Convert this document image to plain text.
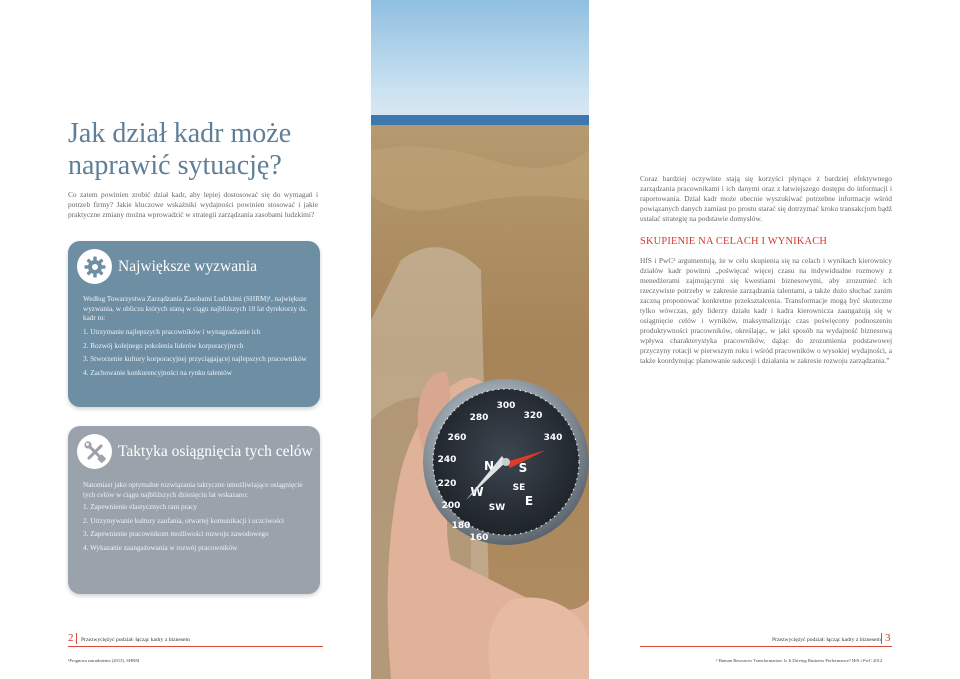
Jak dział kadr może
naprawić sytuację?

Co zatem powinien zrobić dział kadr, aby lepiej dostosować się do wymagań i potrzeb firmy? Jakie kluczowe wskaźniki wydajności powinien stosować i jakie praktyczne zmiany można wprowadzić w strategii zarządzania zasobami ludzkimi?

Największe wyzwania

Według Towarzystwa Zarządzania Zasobami Ludzkimi (SHRM)¹, największe wyzwania, w obliczu których staną w ciągu najbliższych 10 lat dyrektorzy ds. kadr to:

1. Utrzymanie najlepszych pracowników i wynagradzanie ich
2. Rozwój kolejnego pokolenia liderów korporacyjnych
3. Stworzenie kultury korporacyjnej przyciągającej najlepszych pracowników
4. Zachowanie konkurencyjności na rynku talentów
Taktyka osiągnięcia tych celów

Natomiast jako optymalne rozwiązania taktyczne umożliwiające osiągnięcie tych celów w ciągu najbliższych dziesięciu lat wskazano:

1. Zapewnienie elastycznych ram pracy
2. Utrzymywanie kultury zaufania, otwartej komunikacji i uczciwości
3. Zapewnienie pracownikom możliwości rozwoju zawodowego
4. Wykazanie zaangażowania w rozwój pracowników
2 Przezwyciężyć podział: łącząc kadry z biznesem
¹Prognoza zatrudnienia (2013), SHRM
280
300
320
340
260
240
220
200
180
160
N S
W
E
SW
SE

Coraz bardziej oczywiste stają się korzyści płynące z bardziej efektywnego zarządzania pracownikami i ich danymi oraz z łatwiejszego dostępu do informacji i raportowania. Dział kadr może obecnie wyszukiwać potrzebne informacje wśród powiązanych danych zamiast po prostu starać się dotrzymać kroku transakcjom bądź ustalać strategię na podstawie domysłów.

SKUPIENIE NA CELACH I WYNIKACH

HfS i PwC² argumentują, że w celu skupienia się na celach i wynikach kierownicy działów kadr powinni „poświęcać więcej czasu na indywidualne rozmowy z menedżerami zajmującymi się kwestiami biznesowymi, aby zrozumieć ich rzeczywiste potrzeby w zakresie zarządzania talentami, a także dużo słuchać zanim zaczną proponować konkretne przekształcenia. Transformacje mogą być skuteczne tylko wówczas, gdy liderzy działu kadr i kadra kierownicza zaangażują się w osiągnięcie celów i wyników, maksymalizując czas poświęcony podnoszeniu produktywności pracowników, określając, w jaki sposób na wydajność biznesową wpływa charakterystyka pracowników, dążąc do zrozumienia podstawowej przyczyny rotacji w pierwszym roku i wśród pracowników o wysokiej wydajności, a także koordynując planowanie sukcesji i działania w zakresie rozwoju zarządzania.”

Przezwyciężyć podział: łącząc kadry z biznesem 3
² Human Resources Transformation: Is It Driving Business Performance? HfS i PwC 2012
